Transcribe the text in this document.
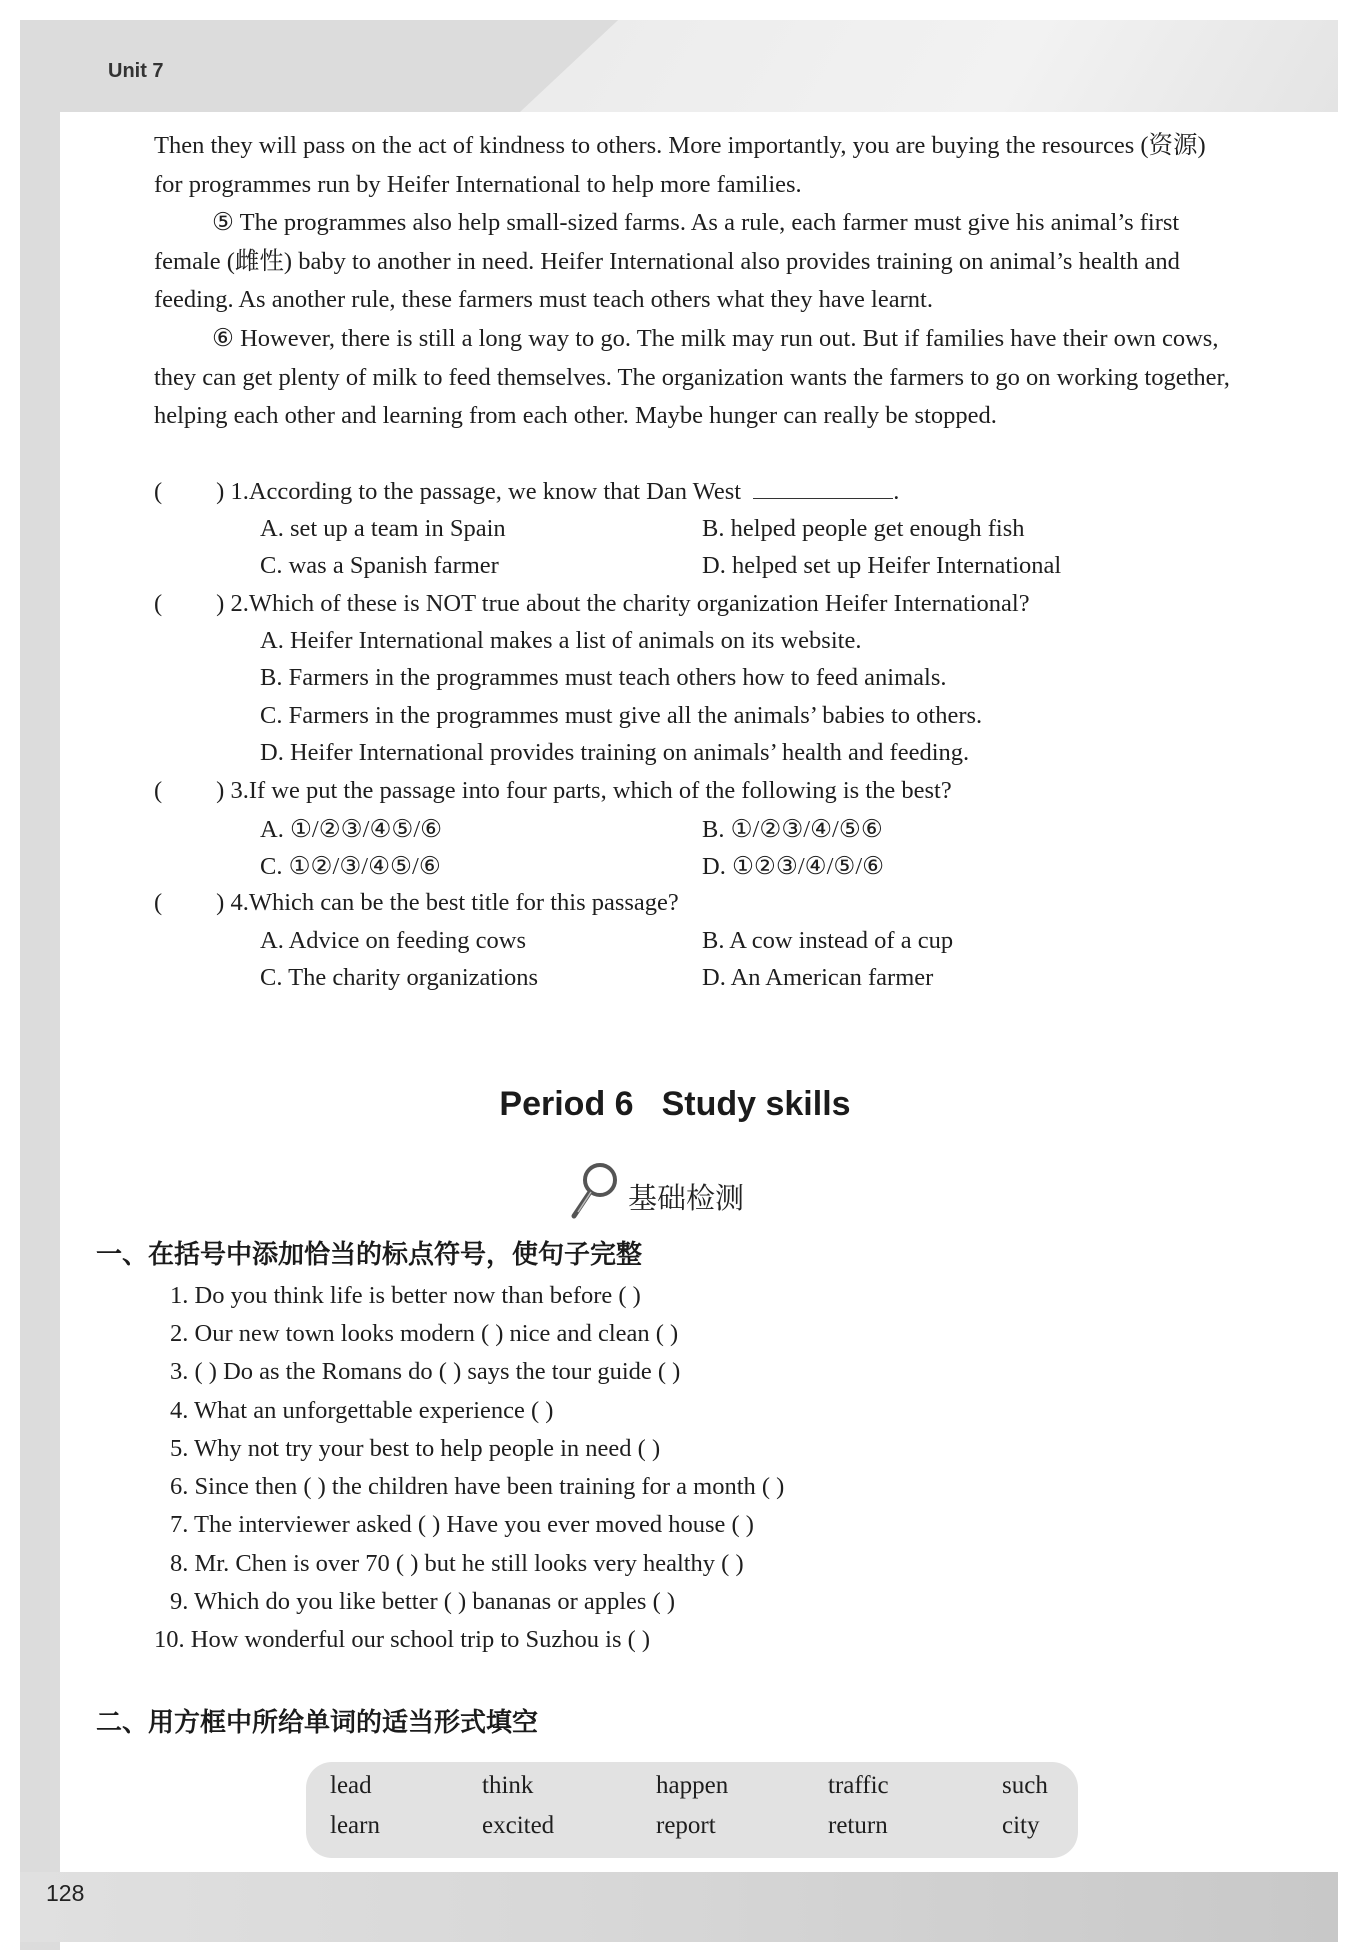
Unit 7

Then they will pass on the act of kindness to others. More importantly, you are buying the resources (资源) for programmes run by Heifer International to help more families.

⑤ The programmes also help small-sized farms. As a rule, each farmer must give his animal’s first female (雌性) baby to another in need. Heifer International also provides training on animal’s health and feeding. As another rule, these farmers must teach others what they have learnt.

⑥ However, there is still a long way to go. The milk may run out. But if families have their own cows, they can get plenty of milk to feed themselves. The organization wants the farmers to go on working together, helping each other and learning from each other. Maybe hunger can really be stopped.

( ) 1.According to the passage, we know that Dan West	.
A. set up a team in Spain	B. helped people get enough fish
C. was a Spanish farmer	D. helped set up Heifer International
( ) 2.Which of these is NOT true about the charity organization Heifer International?
A. Heifer International makes a list of animals on its website.
B. Farmers in the programmes must teach others how to feed animals.
C. Farmers in the programmes must give all the animals’ babies to others.
D. Heifer International provides training on animals’ health and feeding.
( ) 3.If we put the passage into four parts, which of the following is the best?
A. ①/②③/④⑤/⑥	B. ①/②③/④/⑤⑥
C. ①②/③/④⑤/⑥	D. ①②③/④/⑤/⑥
( ) 4.Which can be the best title for this passage?
A. Advice on feeding cows	B. A cow instead of a cup
C. The charity organizations	D. An American farmer
Period 6 Study skills
基础检测
一、在括号中添加恰当的标点符号，使句子完整
1. Do you think life is better now than before ( )
2. Our new town looks modern ( ) nice and clean ( )
3. ( ) Do as the Romans do ( ) says the tour guide ( )
4. What an unforgettable experience ( )
5. Why not try your best to help people in need ( )
6. Since then ( ) the children have been training for a month ( )
7. The interviewer asked ( ) Have you ever moved house ( )
8. Mr. Chen is over 70 ( ) but he still looks very healthy ( )
9. Which do you like better ( ) bananas or apples ( )
10. How wonderful our school trip to Suzhou is ( )
二、用方框中所给单词的适当形式填空
lead	think	happen	traffic	such
learn	excited	report	return	city
128
